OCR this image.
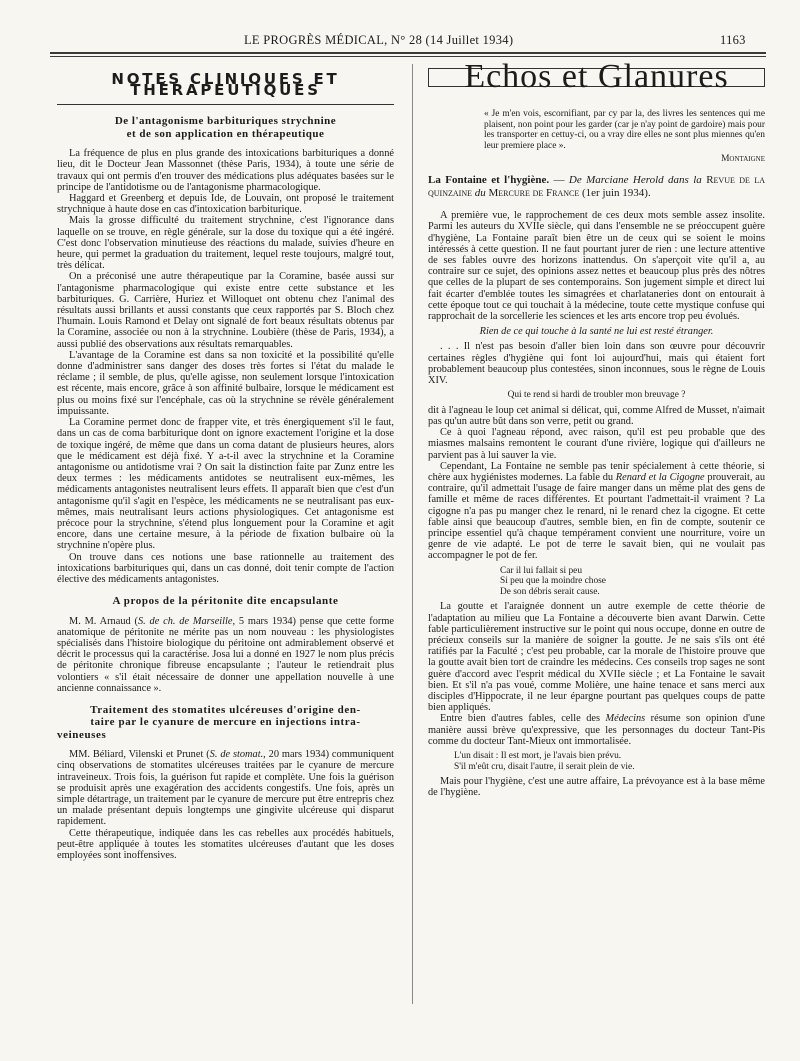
LE PROGRÈS MÉDICAL, N° 28 (14 Juillet 1934)	1163
NOTES CLINIQUES ET THÉRAPEUTIQUES
De l'antagonisme barbituriques strychnine
et de son application en thérapeutique

La fréquence de plus en plus grande des intoxications barbituriques a donné lieu, dit le Docteur Jean Massonnet (thèse Paris, 1934), à toute une série de travaux qui ont permis d'en trouver des médications plus adéquates basées sur le principe de l'antidotisme ou de l'antagonisme pharmacologique.

Haggard et Greenberg et depuis Ide, de Louvain, ont proposé le traitement strychnique à haute dose en cas d'intoxication barbiturique.

Mais la grosse difficulté du traitement strychnine, c'est l'ignorance dans laquelle on se trouve, en règle générale, sur la dose du toxique qui a été ingéré. C'est donc l'observation minutieuse des réactions du malade, suivies d'heure en heure, qui permet la graduation du traitement, lequel reste toujours, malgré tout, très délicat.

On a préconisé une autre thérapeutique par la Coramine, basée aussi sur l'antagonisme pharmacologique qui existe entre cette substance et les barbituriques. G. Carrière, Huriez et Willoquet ont obtenu chez l'animal des résultats aussi brillants et aussi constants que ceux rapportés par S. Bloch chez l'humain. Louis Ramond et Delay ont signalé de fort beaux résultats obtenus par la Coramine, associée ou non à la strychnine. Loubière (thèse de Paris, 1934), a aussi publié des observations aux résultats remarquables.

L'avantage de la Coramine est dans sa non toxicité et la possibilité qu'elle donne d'administrer sans danger des doses très fortes si l'état du malade le réclame ; il semble, de plus, qu'elle agisse, non seulement lorsque l'intoxication est récente, mais encore, grâce à son affinité bulbaire, lorsque le médicament est plus ou moins fixé sur l'encéphale, cas où la strychnine se révèle généralement impuissante.

La Coramine permet donc de frapper vite, et très énergiquement s'il le faut, dans un cas de coma barbiturique dont on ignore exactement l'origine et la dose de toxique ingéré, de même que dans un coma datant de plusieurs heures, alors que le médicament est déjà fixé. Y a-t-il avec la strychnine et la Coramine antagonisme ou antidotisme vrai ? On sait la distinction faite par Zunz entre les deux termes : les médicaments antidotes se neutralisent eux-mêmes, les médicaments antagonistes neutralisent leurs effets. Il apparaît bien que c'est d'un antagonisme qu'il s'agit en l'espèce, les médicaments ne se neutralisant pas eux-mêmes, mais neutralisant leurs actions physiologiques. Cet antagonisme est précoce pour la strychnine, s'étend plus longuement pour la Coramine et agit encore, dans une certaine mesure, à la période de fixation bulbaire où la strychnine n'opère plus.

On trouve dans ces notions une base rationnelle au traitement des intoxications barbituriques qui, dans un cas donné, doit tenir compte de l'action élective des médicaments antagonistes.

A propos de la péritonite dite encapsulante

M. M. Arnaud (S. de ch. de Marseille, 5 mars 1934) pense que cette forme anatomique de péritonite ne mérite pas un nom nouveau : les physiologistes spécialisés dans l'histoire biologique du péritoine ont admirablement observé et décrit le processus qui la caractérise. Josa lui a donné en 1927 le nom plus précis de péritonite chronique fibreuse encapsulante ; l'auteur le retiendrait plus volontiers « s'il était nécessaire de donner une appellation nouvelle à une ancienne connaissance ».

Traitement des stomatites ulcéreuses d'origine den-
taire par le cyanure de mercure en injections intra-
veineuses

MM. Béliard, Vilenski et Prunet (S. de stomat., 20 mars 1934) communiquent cinq observations de stomatites ulcéreuses traitées par le cyanure de mercure intraveineux. Trois fois, la guérison fut rapide et complète. Une fois la guérison se produisit après une exagération des accidents congestifs. Une fois, après un simple détartrage, un traitement par le cyanure de mercure put être entrepris chez un malade présentant depuis longtemps une gingivite ulcéreuse qui disparut rapidement.

Cette thérapeutique, indiquée dans les cas rebelles aux procédés habituels, peut-être appliquée à toutes les stomatites ulcéreuses d'autant que les doses employées sont inoffensives.

Echos et Glanures
« Je m'en vois, escornifiant, par cy par la, des livres les sentences qui me plaisent, non point pour les garder (car je n'ay point de gardoire) mais pour les transporter en cettuy-ci, ou a vray dire elles ne sont plus miennes qu'en leur premiere place ».
Montaigne

La Fontaine et l'hygiène. — De Marciane Herold dans la Revue de la quinzaine du Mercure de France (1er juin 1934).

A première vue, le rapprochement de ces deux mots semble assez insolite. Parmi les auteurs du XVIIe siècle, qui dans l'ensemble ne se préoccupent guère d'hygiène, La Fontaine paraît bien être un de ceux qui se soient le moins intéressés à cette question. Il ne faut pourtant jurer de rien : une lecture attentive de ses fables ouvre des horizons inattendus. On s'aperçoit vite qu'il a, au contraire sur ce sujet, des opinions assez nettes et beaucoup plus près des nôtres que celles de la plupart de ses contemporains. Son jugement simple et direct lui fait écarter d'emblée toutes les simagrées et charlataneries dont on entourait à cette époque tout ce qui touchait à la médecine, toute cette mystique confuse qui rapprochait de la sorcellerie les sciences et les arts encore trop peu évolués.

Rien de ce qui touche à la santé ne lui est resté étranger.

. . . Il n'est pas besoin d'aller bien loin dans son œuvre pour découvrir certaines règles d'hygiène qui font loi aujourd'hui, mais qui étaient fort probablement beaucoup plus contestées, sinon inconnues, sous le règne de Louis XIV.

Qui te rend si hardi de troubler mon breuvage ?

dit à l'agneau le loup cet animal si délicat, qui, comme Alfred de Musset, n'aimait pas qu'un autre bût dans son verre, petit ou grand.

Ce à quoi l'agneau répond, avec raison, qu'il est peu probable que des miasmes malsains remontent le courant d'une rivière, logique qui d'ailleurs ne parvient pas à lui sauver la vie.

Cependant, La Fontaine ne semble pas tenir spécialement à cette théorie, si chère aux hygiénistes modernes. La fable du Renard et la Cigogne prouverait, au contraire, qu'il admettait l'usage de faire manger dans un même plat des gens de famille et même de races différentes. Et pourtant l'admettait-il vraiment ? La cigogne n'a pas pu manger chez le renard, ni le renard chez la cigogne. Et cette fable ainsi que beaucoup d'autres, semble bien, en fin de compte, soutenir ce principe essentiel qu'à chaque tempérament convient une nourriture, voire un genre de vie adapté. Le pot de terre le savait bien, qui ne voulait pas accompagner le pot de fer.

Car il lui fallait si peu
Si peu que la moindre chose
De son débris serait cause.

La goutte et l'araignée donnent un autre exemple de cette théorie de l'adaptation au milieu que La Fontaine a découverte bien avant Darwin. Cette fable particulièrement instructive sur le point qui nous occupe, donne en outre de précieux conseils sur la manière de soigner la goutte. Je ne sais s'ils ont été ratifiés par la Faculté ; c'est peu probable, car la morale de l'histoire prouve que la goutte avait bien tort de craindre les médecins. Ces conseils trop sages ne sont guère d'accord avec l'esprit médical du XVIIe siècle ; et La Fontaine le savait bien. Et s'il n'a pas voué, comme Molière, une haine tenace et sans merci aux disciples d'Hippocrate, il ne leur épargne pourtant pas quelques coups de patte bien appliqués.

Entre bien d'autres fables, celle des Médecins résume son opinion d'une manière aussi brève qu'expressive, que les personnages du docteur Tant-Pis comme du docteur Tant-Mieux ont immortalisée.

L'un disait : Il est mort, je l'avais bien prévu.
S'il m'eût cru, disait l'autre, il serait plein de vie.

Mais pour l'hygiène, c'est une autre affaire, La prévoyance est à la base même de l'hygiène.
